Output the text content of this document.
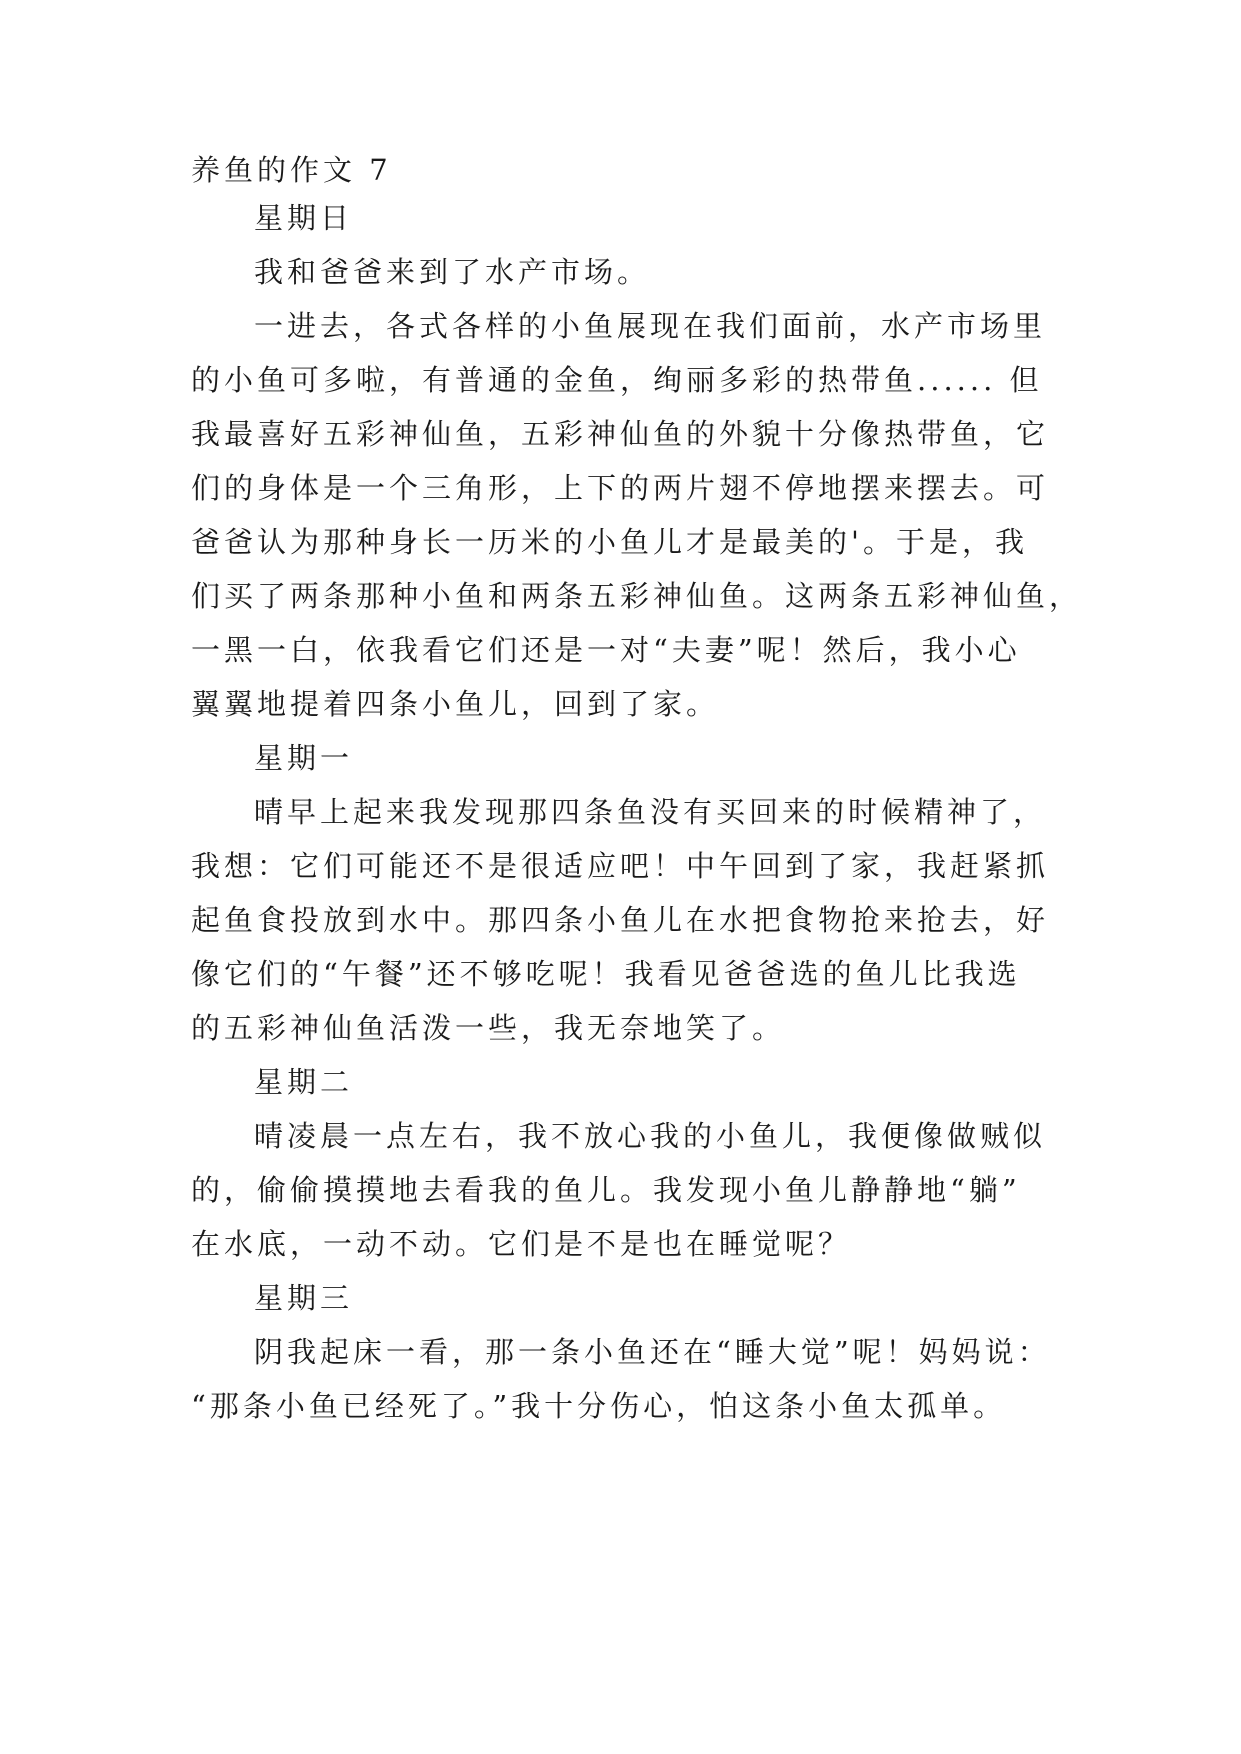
养鱼的作文 7

星期日

我和爸爸来到了水产市场。

一进去，各式各样的小鱼展现在我们面前，水产市场里

的小鱼可多啦，有普通的金鱼，绚丽多彩的热带鱼...... 但

我最喜好五彩神仙鱼，五彩神仙鱼的外貌十分像热带鱼，它

们的身体是一个三角形，上下的两片翅不停地摆来摆去。可

爸爸认为那种身长一历米的小鱼儿才是最美的'。于是，我

们买了两条那种小鱼和两条五彩神仙鱼。这两条五彩神仙鱼，

一黑一白，依我看它们还是一对“夫妻”呢！然后，我小心

翼翼地提着四条小鱼儿，回到了家。

星期一

晴早上起来我发现那四条鱼没有买回来的时候精神了，

我想：它们可能还不是很适应吧！中午回到了家，我赶紧抓

起鱼食投放到水中。那四条小鱼儿在水把食物抢来抢去，好

像它们的“午餐”还不够吃呢！我看见爸爸选的鱼儿比我选

的五彩神仙鱼活泼一些，我无奈地笑了。

星期二

晴凌晨一点左右，我不放心我的小鱼儿，我便像做贼似

的，偷偷摸摸地去看我的鱼儿。我发现小鱼儿静静地“躺”

在水底，一动不动。它们是不是也在睡觉呢？

星期三

阴我起床一看，那一条小鱼还在“睡大觉”呢！妈妈说：

“那条小鱼已经死了。”我十分伤心，怕这条小鱼太孤单。
